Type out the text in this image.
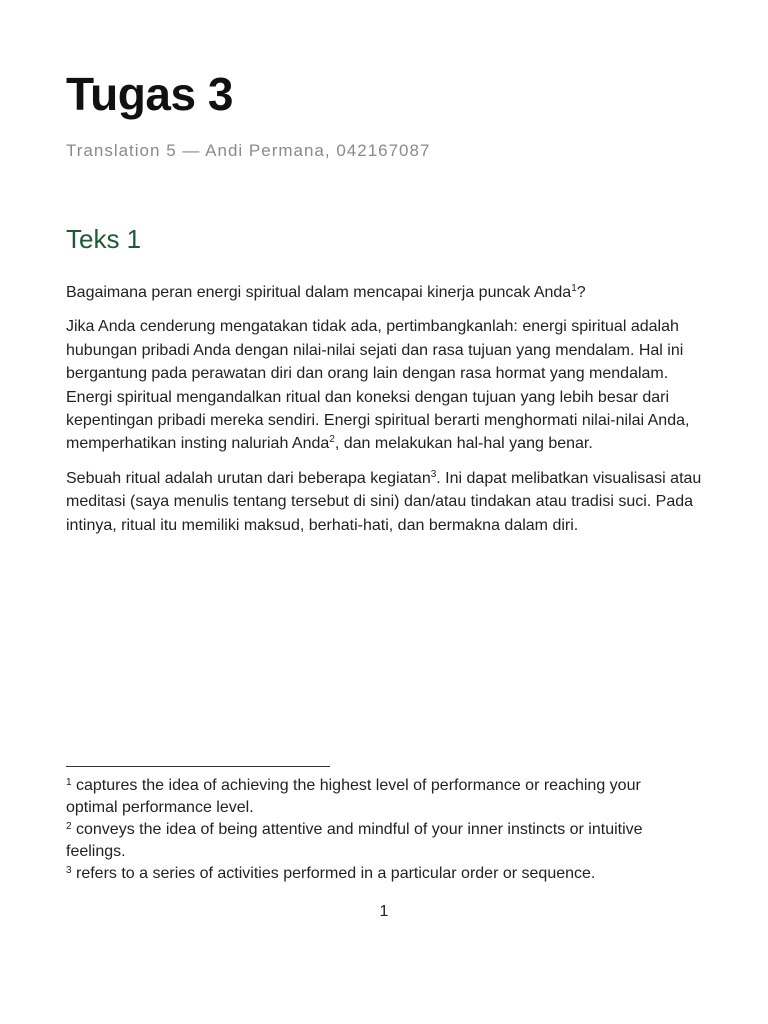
Tugas 3

Translation 5 — Andi Permana, 042167087

Teks 1

Bagaimana peran energi spiritual dalam mencapai kinerja puncak Anda$^1$?

Jika Anda cenderung mengatakan tidak ada, pertimbangkanlah: energi spiritual adalah hubungan pribadi Anda dengan nilai-nilai sejati dan rasa tujuan yang mendalam. Hal ini bergantung pada perawatan diri dan orang lain dengan rasa hormat yang mendalam. Energi spiritual mengandalkan ritual dan koneksi dengan tujuan yang lebih besar dari kepentingan pribadi mereka sendiri. Energi spiritual berarti menghormati nilai-nilai Anda, memperhatikan insting naluriah Anda$^2$, dan melakukan hal-hal yang benar.

Sebuah ritual adalah urutan dari beberapa kegiatan$^3$. Ini dapat melibatkan visualisasi atau meditasi (saya menulis tentang tersebut di sini) dan/atau tindakan atau tradisi suci. Pada intinya, ritual itu memiliki maksud, berhati-hati, dan bermakna dalam diri.

$^1$ captures the idea of achieving the highest level of performance or reaching your optimal performance level.

$^2$ conveys the idea of being attentive and mindful of your inner instincts or intuitive feelings.

$^3$ refers to a series of activities performed in a particular order or sequence.

1
